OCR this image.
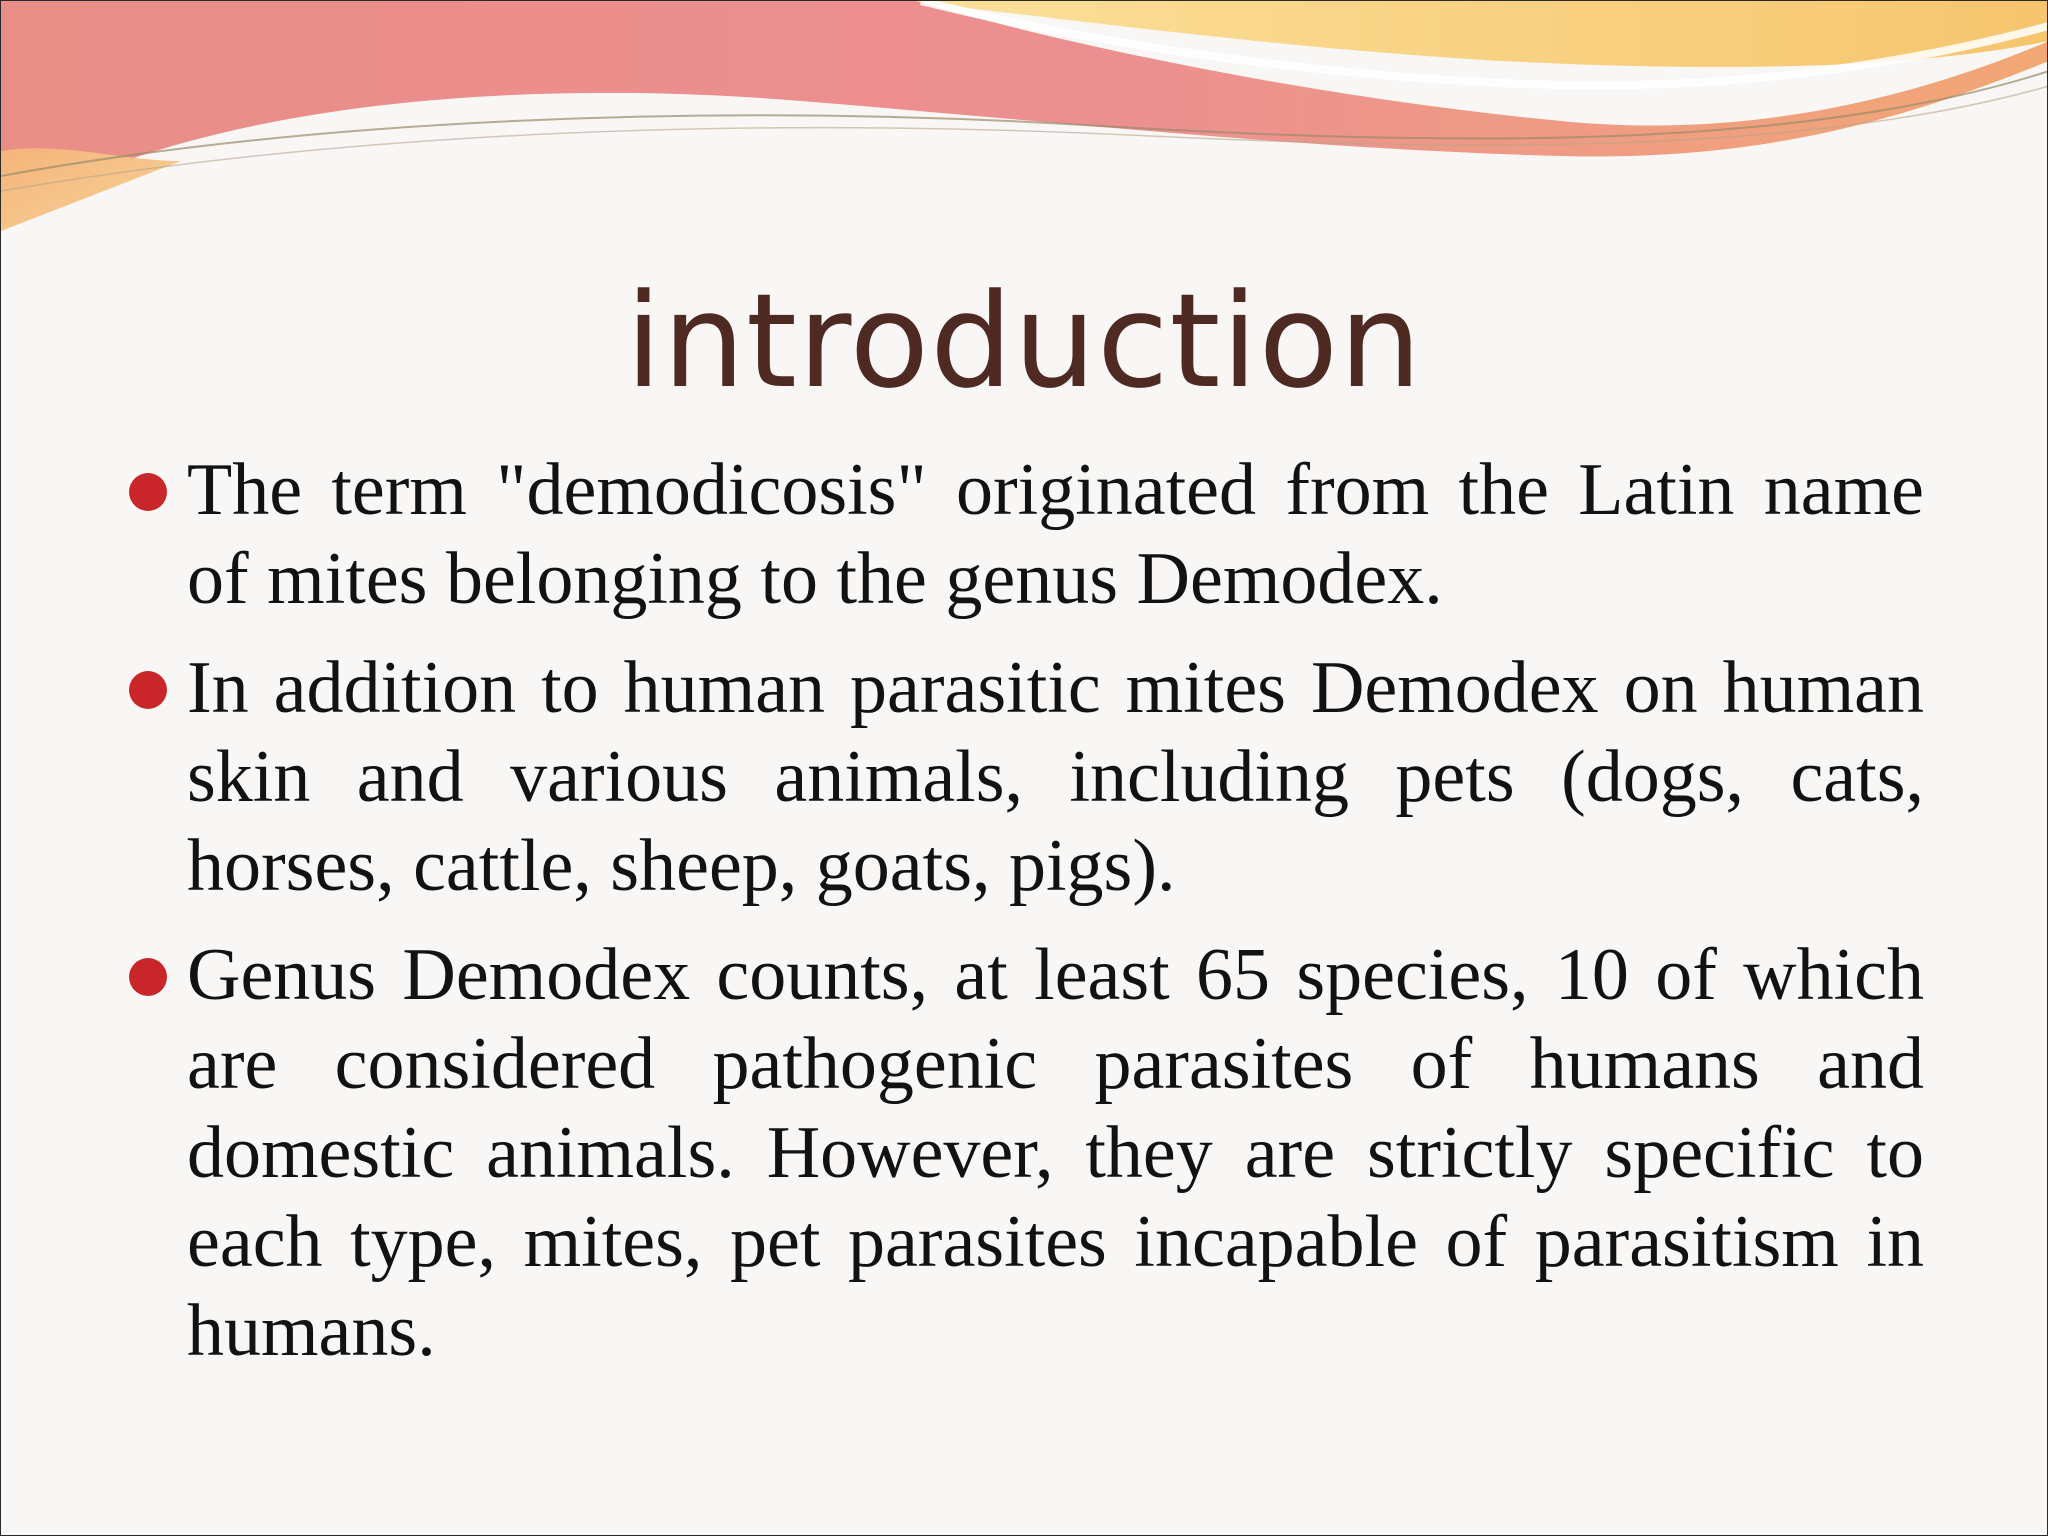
introduction
The term "demodicosis" originated from the Latin name of mites belonging to the genus Demodex.
In addition to human parasitic mites Demodex on human skin and various animals, including pets (dogs, cats, horses, cattle, sheep, goats, pigs).
Genus Demodex counts, at least 65 species, 10 of which are considered pathogenic parasites of humans and domestic animals. However, they are strictly specific to each type, mites, pet parasites incapable of parasitism in humans.
